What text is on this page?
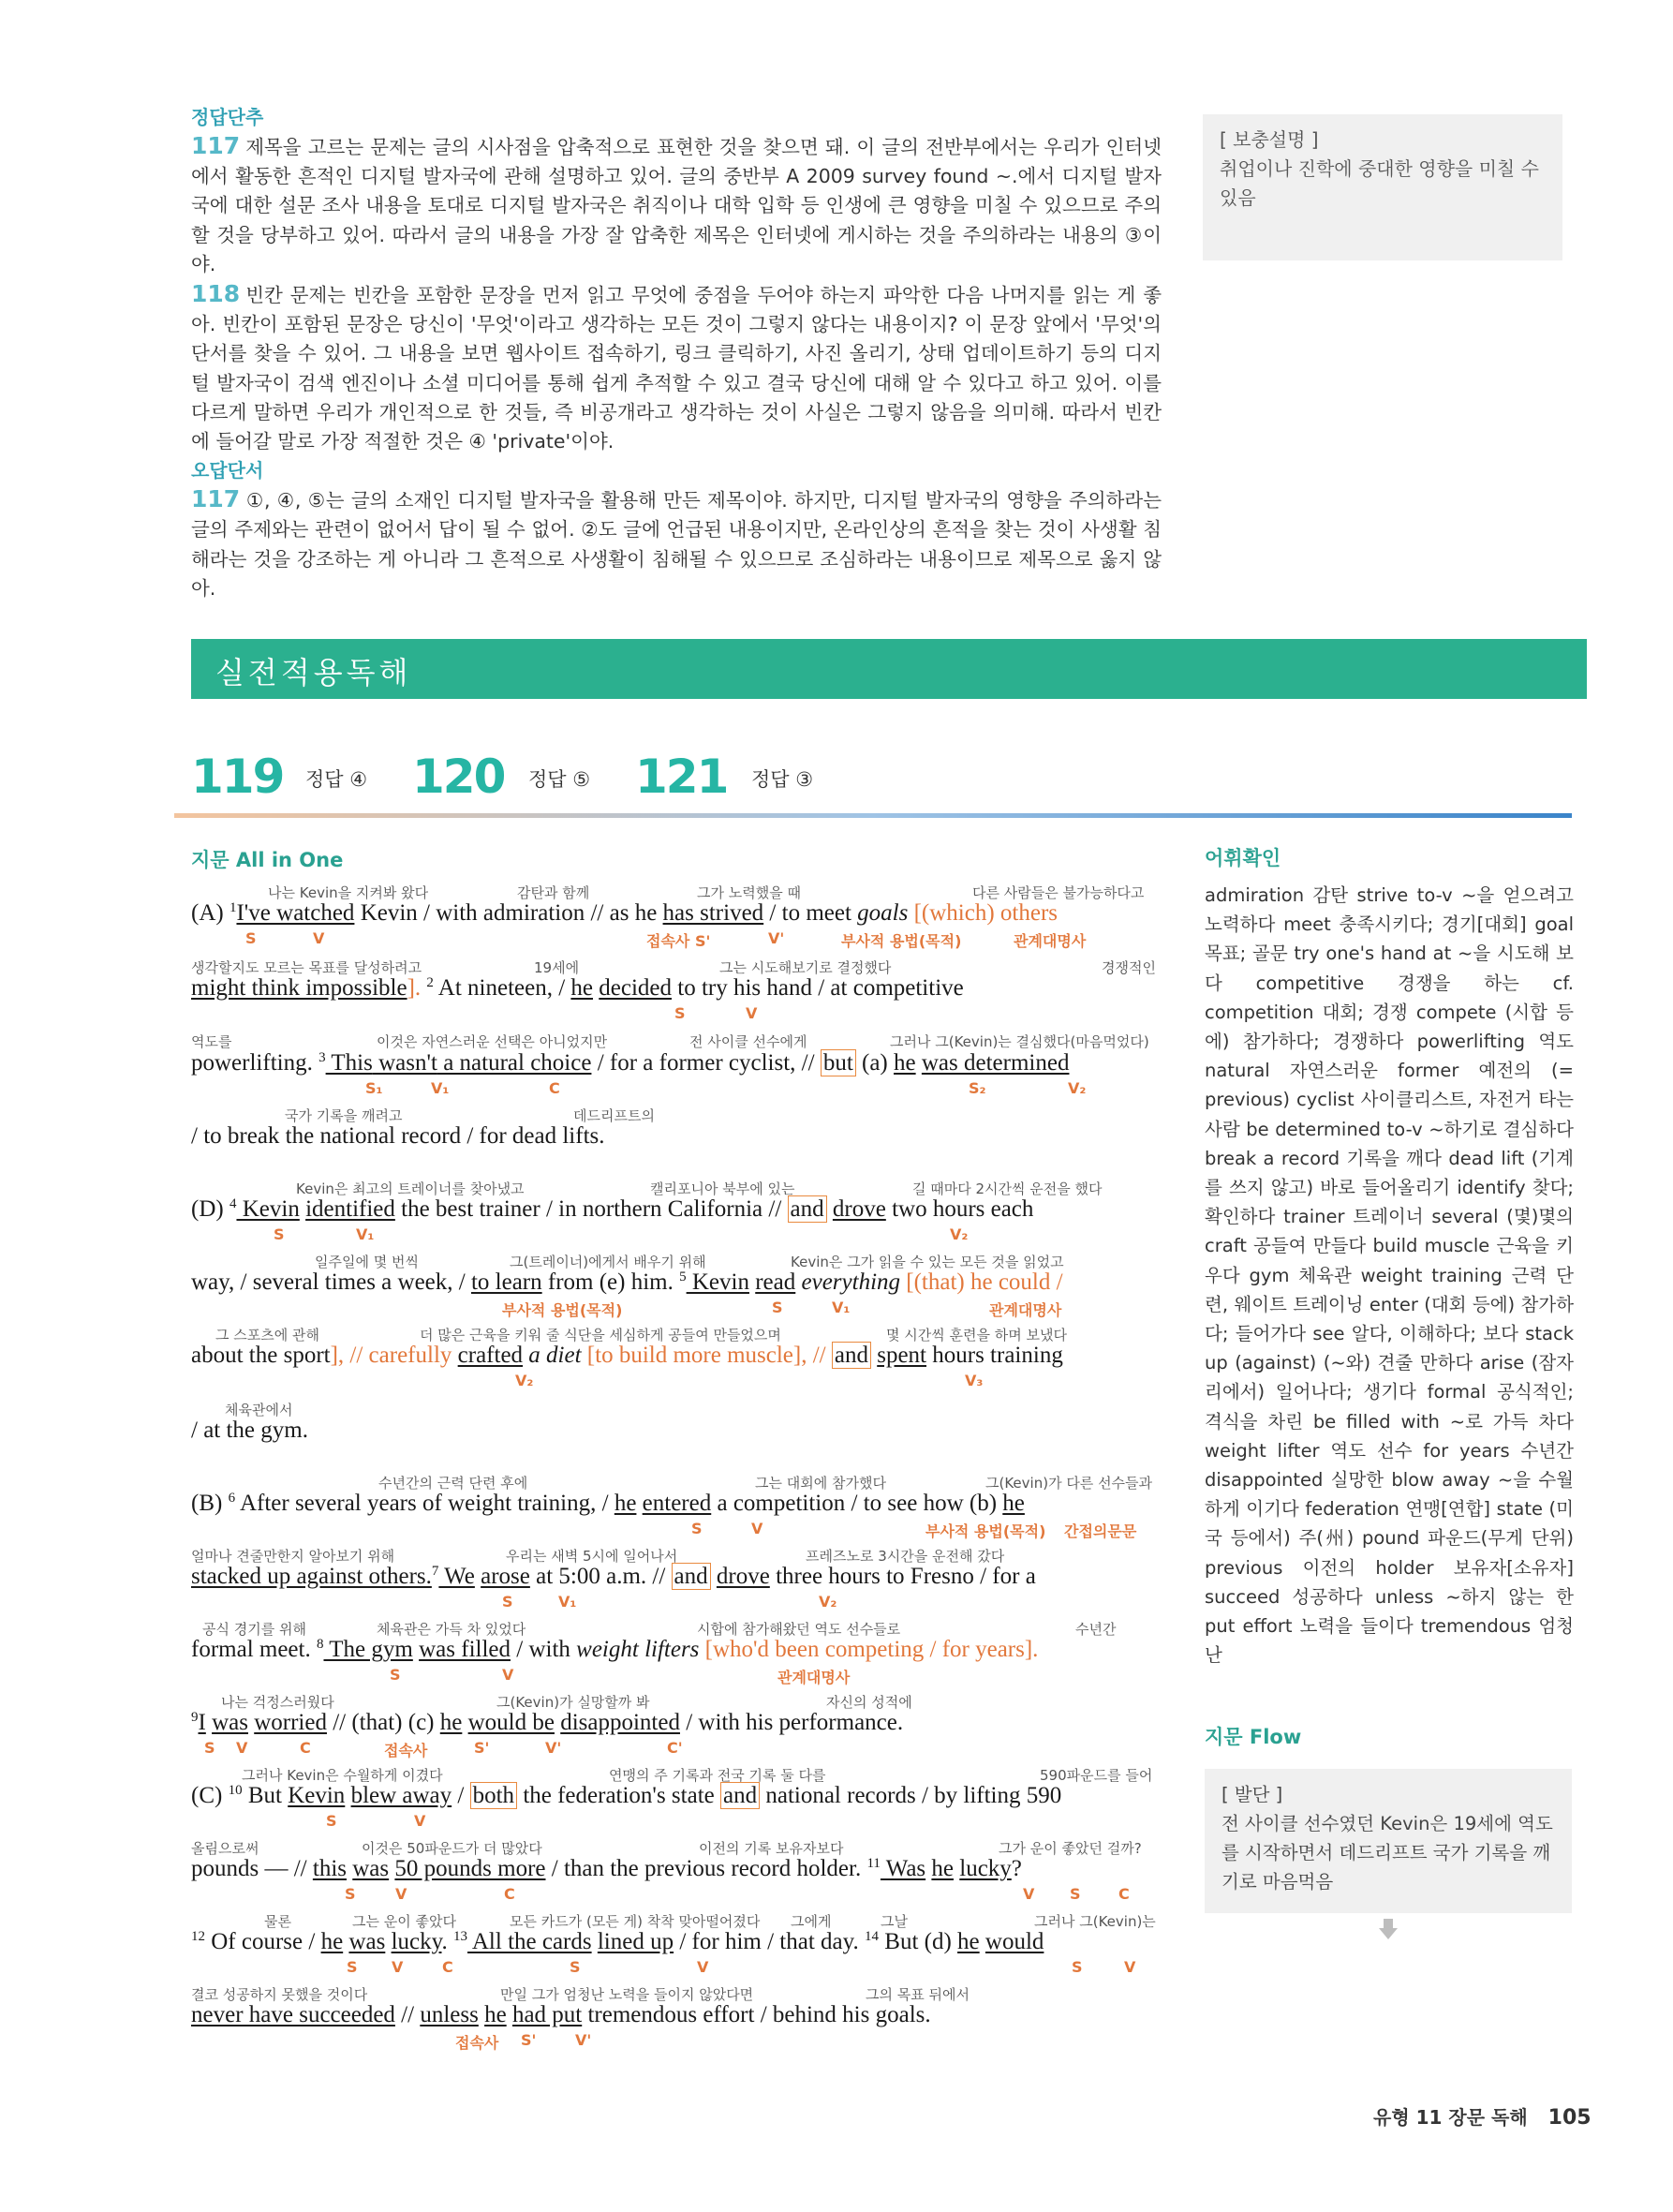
정답단추

117 제목을 고르는 문제는 글의 시사점을 압축적으로 표현한 것을 찾으면 돼. 이 글의 전반부에서는 우리가 인터넷에서 활동한 흔적인 디지털 발자국에 관해 설명하고 있어. 글의 중반부 A 2009 survey found ~.에서 디지털 발자국에 대한 설문 조사 내용을 토대로 디지털 발자국은 취직이나 대학 입학 등 인생에 큰 영향을 미칠 수 있으므로 주의할 것을 당부하고 있어. 따라서 글의 내용을 가장 잘 압축한 제목은 인터넷에 게시하는 것을 주의하라는 내용의 ③이야.

118 빈칸 문제는 빈칸을 포함한 문장을 먼저 읽고 무엇에 중점을 두어야 하는지 파악한 다음 나머지를 읽는 게 좋아. 빈칸이 포함된 문장은 당신이 '무엇'이라고 생각하는 모든 것이 그렇지 않다는 내용이지? 이 문장 앞에서 '무엇'의 단서를 찾을 수 있어. 그 내용을 보면 웹사이트 접속하기, 링크 클릭하기, 사진 올리기, 상태 업데이트하기 등의 디지털 발자국이 검색 엔진이나 소셜 미디어를 통해 쉽게 추적할 수 있고 결국 당신에 대해 알 수 있다고 하고 있어. 이를 다르게 말하면 우리가 개인적으로 한 것들, 즉 비공개라고 생각하는 것이 사실은 그렇지 않음을 의미해. 따라서 빈칸에 들어갈 말로 가장 적절한 것은 ④ 'private'이야.

오답단서

117 ①, ④, ⑤는 글의 소재인 디지털 발자국을 활용해 만든 제목이야. 하지만, 디지털 발자국의 영향을 주의하라는 글의 주제와는 관련이 없어서 답이 될 수 없어. ②도 글에 언급된 내용이지만, 온라인상의 흔적을 찾는 것이 사생활 침해라는 것을 강조하는 게 아니라 그 흔적으로 사생활이 침해될 수 있으므로 조심하라는 내용이므로 제목으로 옳지 않아.

[ 보충설명 ]
취업이나 진학에 중대한 영향을 미칠 수 있음
실전적용독해
119 정답 ④ 120 정답 ⑤ 121 정답 ③
지문 All in One	어휘확인
지문 Flow
나는 Kevin을 지켜봐 왔다	감탄과 함께	그가 노력했을 때	다른 사람들은 불가능하다고
(A) $^1$I've watched Kevin / with admiration // as he has strived / to meet goals [(which) others
S	V	접속사 S'	V'	부사적 용법(목적)	관계대명사
생각할지도 모르는 목표를 달성하려고	19세에	그는 시도해보기로 결정했다	경쟁적인
might think impossible]. $^2$ At nineteen, / he decided to try his hand / at competitive
S	V
역도를	이것은 자연스러운 선택은 아니었지만	전 사이클 선수에게	그러나 그(Kevin)는 결심했다(마음먹었다)
powerlifting. $^3$ This wasn't a natural choice / for a former cyclist, // but (a) he was determined
S₁	V₁	C	S₂	V₂
국가 기록을 깨려고	데드리프트의
/ to break the national record / for dead lifts.
Kevin은 최고의 트레이너를 찾아냈고	캘리포니아 북부에 있는	길 때마다 2시간씩 운전을 했다
(D) $^4$ Kevin identified the best trainer / in northern California // and drove two hours each
S	V₁	V₂
일주일에 몇 번씩	그(트레이너)에게서 배우기 위해	Kevin은 그가 읽을 수 있는 모든 것을 읽었고
way, / several times a week, / to learn from (e) him. $^5$ Kevin read everything [(that) he could /
부사적 용법(목적)	S	V₁	관계대명사
그 스포츠에 관해	더 많은 근육을 키워 줄 식단을 세심하게 공들여 만들었으며	몇 시간씩 훈련을 하며 보냈다
about the sport], // carefully crafted a diet [to build more muscle], // and spent hours training
V₂	V₃
체육관에서
/ at the gym.
수년간의 근력 단련 후에	그는 대회에 참가했다	그(Kevin)가 다른 선수들과
(B) $^6$ After several years of weight training, / he entered a competition / to see how (b) he
S	V	부사적 용법(목적) 간접의문문
얼마나 견줄만한지 알아보기 위해	우리는 새벽 5시에 일어나서	프레즈노로 3시간을 운전해 갔다
stacked up against others.$^7$ We arose at 5:00 a.m. // and drove three hours to Fresno / for a
S	V₁	V₂
공식 경기를 위해	체육관은 가득 차 있었다	시합에 참가해왔던 역도 선수들로	수년간
formal meet. $^8$ The gym was filled / with weight lifters [who'd been competing / for years].
S	V	관계대명사
나는 걱정스러웠다	그(Kevin)가 실망할까 봐	자신의 성적에
$^9$I was worried // (that) (c) he would be disappointed / with his performance.
S V	C	접속사	S'	V'	C'
그러나 Kevin은 수월하게 이겼다	연맹의 주 기록과 전국 기록 둘 다를	590파운드를 들어
(C) $^{10}$ But Kevin blew away / both the federation's state and national records / by lifting 590
S	V
올림으로써	이것은 50파운드가 더 많았다	이전의 기록 보유자보다	그가 운이 좋았던 걸까?
pounds — // this was 50 pounds more / than the previous record holder. $^{11}$ Was he lucky?
S	V	C	V S	C
물론	그는 운이 좋았다	모든 카드가 (모든 게) 착착 맞아떨어졌다 그에게	그날	그러나 그(Kevin)는
$^{12}$ Of course / he was lucky. $^{13}$ All the cards lined up / for him / that day. $^{14}$ But (d) he would
S V	C	S	V	S	V
결코 성공하지 못했을 것이다	만일 그가 엄청난 노력을 들이지 않았다면	그의 목표 뒤에서
never have succeeded // unless he had put tremendous effort / behind his goals.
접속사 S'	V'
admiration 감탄 strive to-v ~을 얻으려고 노력하다 meet 충족시키다; 경기[대회] goal 목표; 골문 try one's hand at ~을 시도해 보다 competitive 경쟁을 하는 cf. competition 대회; 경쟁 compete (시합 등에) 참가하다; 경쟁하다 powerlifting 역도 natural 자연스러운 former 예전의 (= previous) cyclist 사이클리스트, 자전거 타는 사람 be determined to-v ~하기로 결심하다 break a record 기록을 깨다 dead lift (기계를 쓰지 않고) 바로 들어올리기 identify 찾다; 확인하다 trainer 트레이너 several (몇)몇의 craft 공들여 만들다 build muscle 근육을 키우다 gym 체육관 weight training 근력 단련, 웨이트 트레이닝 enter (대회 등에) 참가하다; 들어가다 see 알다, 이해하다; 보다 stack up (against) (~와) 견줄 만하다 arise (잠자리에서) 일어나다; 생기다 formal 공식적인; 격식을 차린 be filled with ~로 가득 차다 weight lifter 역도 선수 for years 수년간 disappointed 실망한 blow away ~을 수월하게 이기다 federation 연맹[연합] state (미국 등에서) 주(州) pound 파운드(무게 단위) previous 이전의 holder 보유자[소유자] succeed 성공하다 unless ~하지 않는 한 put effort 노력을 들이다 tremendous 엄청난
[ 발단 ]
전 사이클 선수였던 Kevin은 19세에 역도를 시작하면서 데드리프트 국가 기록을 깨기로 마음먹음
유형 11 장문 독해 105
